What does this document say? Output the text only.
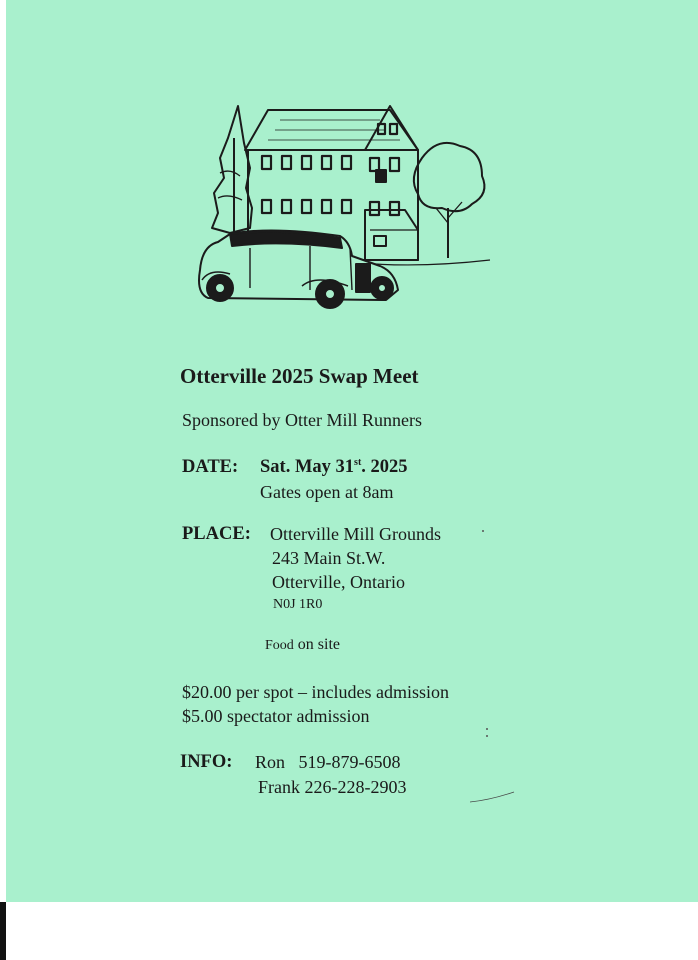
Otterville 2025 Swap Meet
Sponsored by Otter Mill Runners
DATE: Sat. May 31st. 2025
Gates open at 8am
PLACE: Otterville Mill Grounds
243 Main St.W.
Otterville, Ontario
N0J 1R0
Food on site
$20.00 per spot – includes admission
$5.00 spectator admission
INFO: Ron   519-879-6508
Frank 226-228-2903
